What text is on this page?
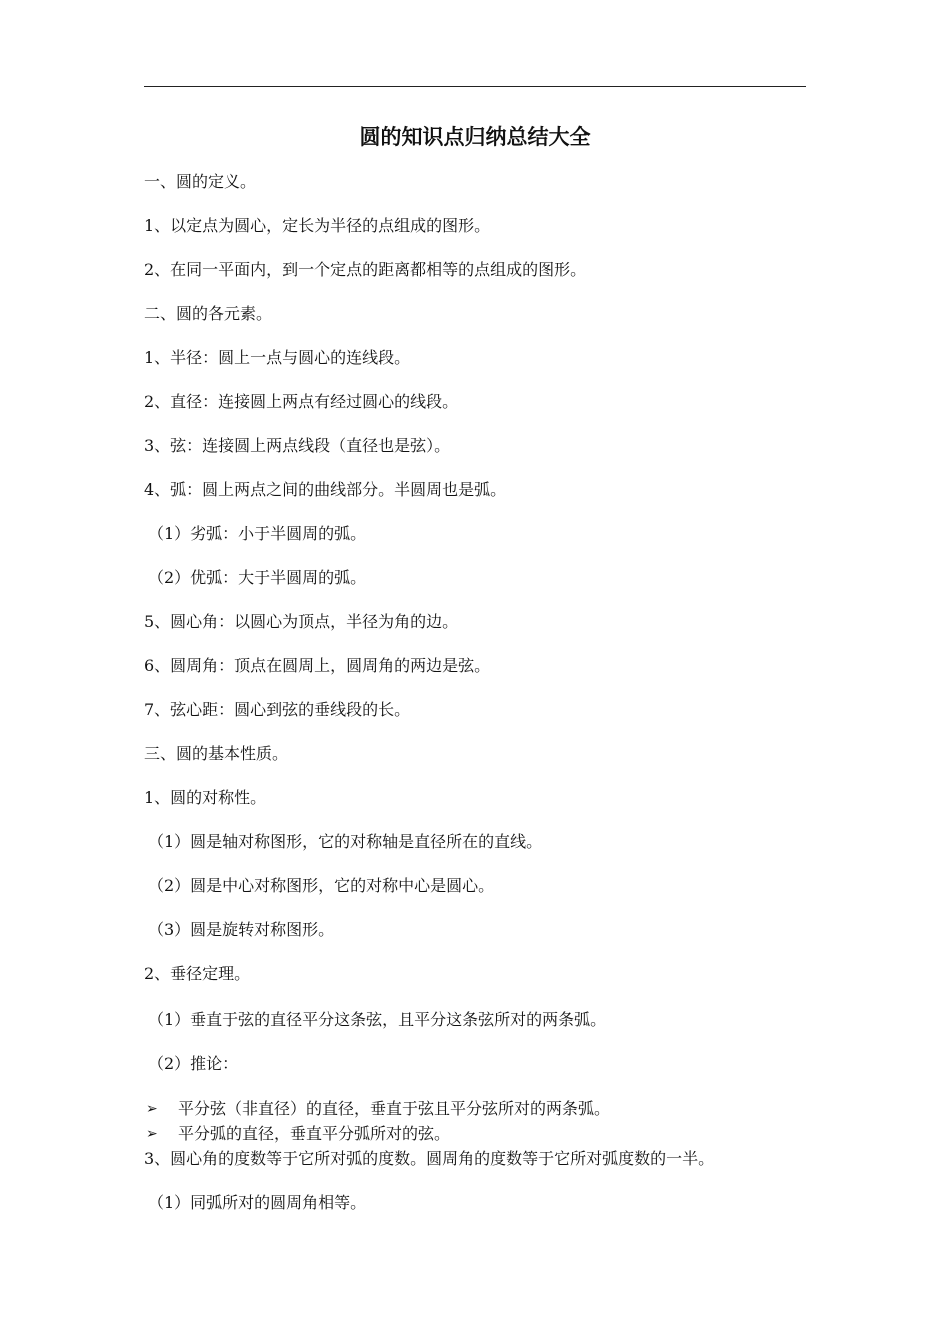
圆的知识点归纳总结大全
一、圆的定义。
1、以定点为圆心，定长为半径的点组成的图形。
2、在同一平面内，到一个定点的距离都相等的点组成的图形。
二、圆的各元素。
1、半径：圆上一点与圆心的连线段。
2、直径：连接圆上两点有经过圆心的线段。
3、弦：连接圆上两点线段（直径也是弦）。
4、弧：圆上两点之间的曲线部分。半圆周也是弧。
（1）劣弧：小于半圆周的弧。
（2）优弧：大于半圆周的弧。
5、圆心角：以圆心为顶点，半径为角的边。
6、圆周角：顶点在圆周上，圆周角的两边是弦。
7、弦心距：圆心到弦的垂线段的长。
三、圆的基本性质。
1、圆的对称性。
（1）圆是轴对称图形，它的对称轴是直径所在的直线。
（2）圆是中心对称图形，它的对称中心是圆心。
（3）圆是旋转对称图形。
2、垂径定理。
（1）垂直于弦的直径平分这条弦，且平分这条弦所对的两条弧。
（2）推论：
➢ 平分弦（非直径）的直径，垂直于弦且平分弦所对的两条弧。
➢ 平分弧的直径，垂直平分弧所对的弦。
3、圆心角的度数等于它所对弧的度数。圆周角的度数等于它所对弧度数的一半。
（1）同弧所对的圆周角相等。
